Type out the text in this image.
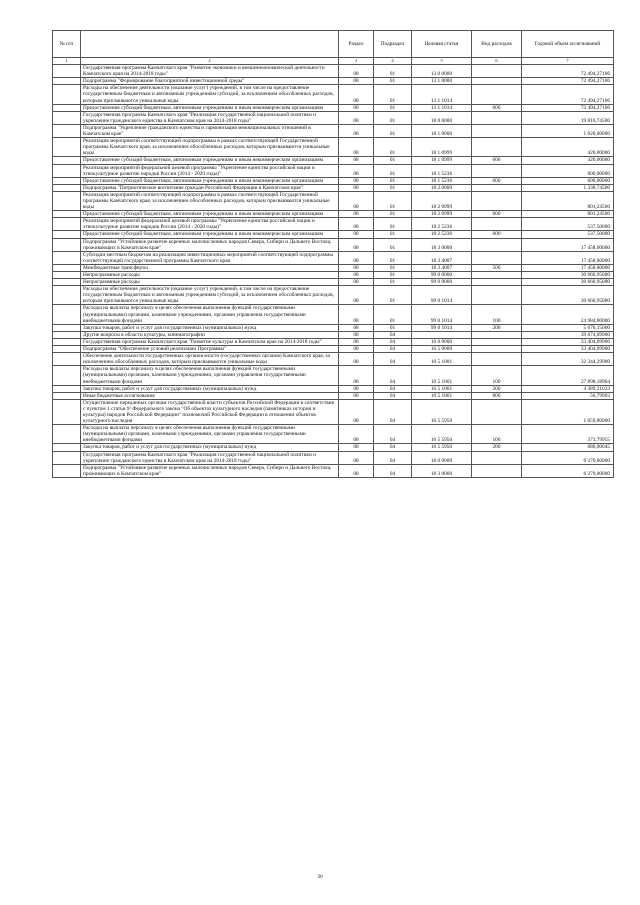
№ п/п		Раздел	Подраздел	Целевая статья	Вид расходов	Годовой объем ассигнований
1	2	3	4	5	6	7
	Государственная программа Камчатского края "Развитие экономики и внешнеэкономической деятельности Камчатского края на 2014-2018 годы"	08	01	13 0 0000		72 494,27106
	Подпрограмма "Формирование благоприятной инвестиционной среды"	08	01	13 1 0000		72 494,27106
	Расходы на обеспечение деятельности (оказание услуг) учреждений, в том числе на предоставление государственным бюджетным и автономным учреждениям субсидий, за исключением обособленных расходов, которым присваиваются уникальные коды	08	01	13 1 1014		72 494,27106
	Предоставление субсидий бюджетным, автономным учреждениям и иным некоммерческим организациям	08	01	13 1 1014	600	72 494,27106
	Государственная программа Камчатского края "Реализация государственной национальной политики и укрепление гражданского единства в Камчатском крае на 2014-2018 годы"	08	01	18 0 0000		19 816,74500
	Подпрограмма "Укрепление гражданского единства и гармонизация межнациональных отношений в Камчатском крае"	08	01	18 1 0000		1 020,00000
	Реализация мероприятий соответствующей подпрограммы в рамках соответствующей Государственной программы Камчатского края, за исключением обособленных расходов, которым присваиваются уникальные коды	08	01	18 1 0999		420,00000
	Предоставление субсидий бюджетным, автономным учреждениям и иным некоммерческим организациям	08	01	18 1 0999	600	420,00000
	Реализация мероприятий федеральной целевой программы "Укрепление единства российской нации и этнокультурное развитие народов России (2014 - 2020 годы)"	08	01	18 1 5236		600,00000
	Предоставление субсидий бюджетным, автономным учреждениям и иным некоммерческим организациям	08	01	18 1 5236	600	600,00000
	Подпрограмма "Патриотическое воспитание граждан Российской Федерации в Камчатском крае"	08	01	18 2 0000		1 338,74500
	Реализация мероприятий соответствующей подпрограммы в рамках соответствующей Государственной программы Камчатского края, за исключением обособленных расходов, которым присваиваются уникальные коды	08	01	18 2 0999		801,24500
	Предоставление субсидий бюджетным, автономным учреждениям и иным некоммерческим организациям	08	01	18 2 0999	600	801,24500
	Реализация мероприятий федеральной целевой программы "Укрепление единства российской нации и этнокультурное развитие народов России (2014 - 2020 годы)"	08	01	18 2 5236		537,50000
	Предоставление субсидий бюджетным, автономным учреждениям и иным некоммерческим организациям	08	01	18 2 5236	600	537,50000
	Подпрограмма "Устойчивое развитие коренных малочисленных народов Севера, Сибири и Дальнего Востока, проживающих в Камчатском крае"	08	01	18 3 0000		17 458,00000
	Субсидии местным бюджетам на реализацию инвестиционных мероприятий соответствующей подпрограммы соответствующей государственной программы Камчатского края	08	01	18 3 4007		17 458,00000
	Межбюджетные трансферты	08	01	18 3 4007	500	17 458,00000
	Непрограммные расходы	08	01	99 0 0000		30 660,95000
	Непрограммные расходы	08	01	99 0 0000		30 660,95000
	Расходы на обеспечение деятельности (оказание услуг) учреждений, в том числе на предоставление государственным бюджетным и автономным учреждениям субсидий, за исключением обособленных расходов, которым присваиваются уникальные коды	08	01	99 0 1014		30 660,95000
	Расходы на выплаты персоналу в целях обеспечения выполнения функций государственными (муниципальными) органами, казенными учреждениями, органами управления государственными внебюджетными фондами	08	01	99 0 1014	100	24 984,80000
	Закупка товаров, работ и услуг для государственных (муниципальных) нужд	08	01	99 0 1014	200	5 676,15000
	Другие вопросы в области культуры, кинематографии	08	04			39 674,09900
	Государственная программа Камчатского края "Развитие культуры в Камчатском крае на 2014-2018 годы"	08	04	10 0 0000		33 404,09900
	Подпрограмма "Обеспечение условий реализации Программы"	08	04	10 5 0000		33 404,09900
	Обеспечение деятельности государственных органов власти (государственных органов) Камчатского края, за исключением обособленных расходов, которым присваиваются уникальные коды	08	04	10 5 1001		32 344,29900
	Расходы на выплаты персоналу в целях обеспечения выполнения функций государственными (муниципальными) органами, казенными учреждениями, органами управления государственными внебюджетными фондами	08	04	10 5 1001	100	27 898,18964
	Закупка товаров, работ и услуг для государственных (муниципальных) нужд	08	04	10 5 1001	200	4 389,31033
	Иные бюджетные ассигнования	08	04	10 5 1001	800	56,79903
	Осуществление переданных органам государственной власти субъектов Российской Федерации в соответствии с пунктом 1 статьи 9¹ Федерального закона "Об объектах культурного наследия (памятниках истории и культуры) народов Российской Федерации" полномочий Российской Федерации в отношении объектов культурного наследия	08	04	10 5 5950		1 059,80000
	Расходы на выплаты персоналу в целях обеспечения выполнения функций государственными (муниципальными) органами, казенными учреждениями, органами управления государственными внебюджетными фондами	08	04	10 5 5950	100	373,79955
	Закупка товаров, работ и услуг для государственных (муниципальных) нужд	08	04	10 5 5950	200	686,00045
	Государственная программа Камчатского края "Реализация государственной национальной политики и укрепление гражданского единства в Камчатском крае на 2014-2018 годы"	08	04	18 0 0000		6 270,00000
	Подпрограмма "Устойчивое развитие коренных малочисленных народов Севера, Сибири и Дальнего Востока, проживающих в Камчатском крае"	08	04	18 3 0000		6 270,00000
36
